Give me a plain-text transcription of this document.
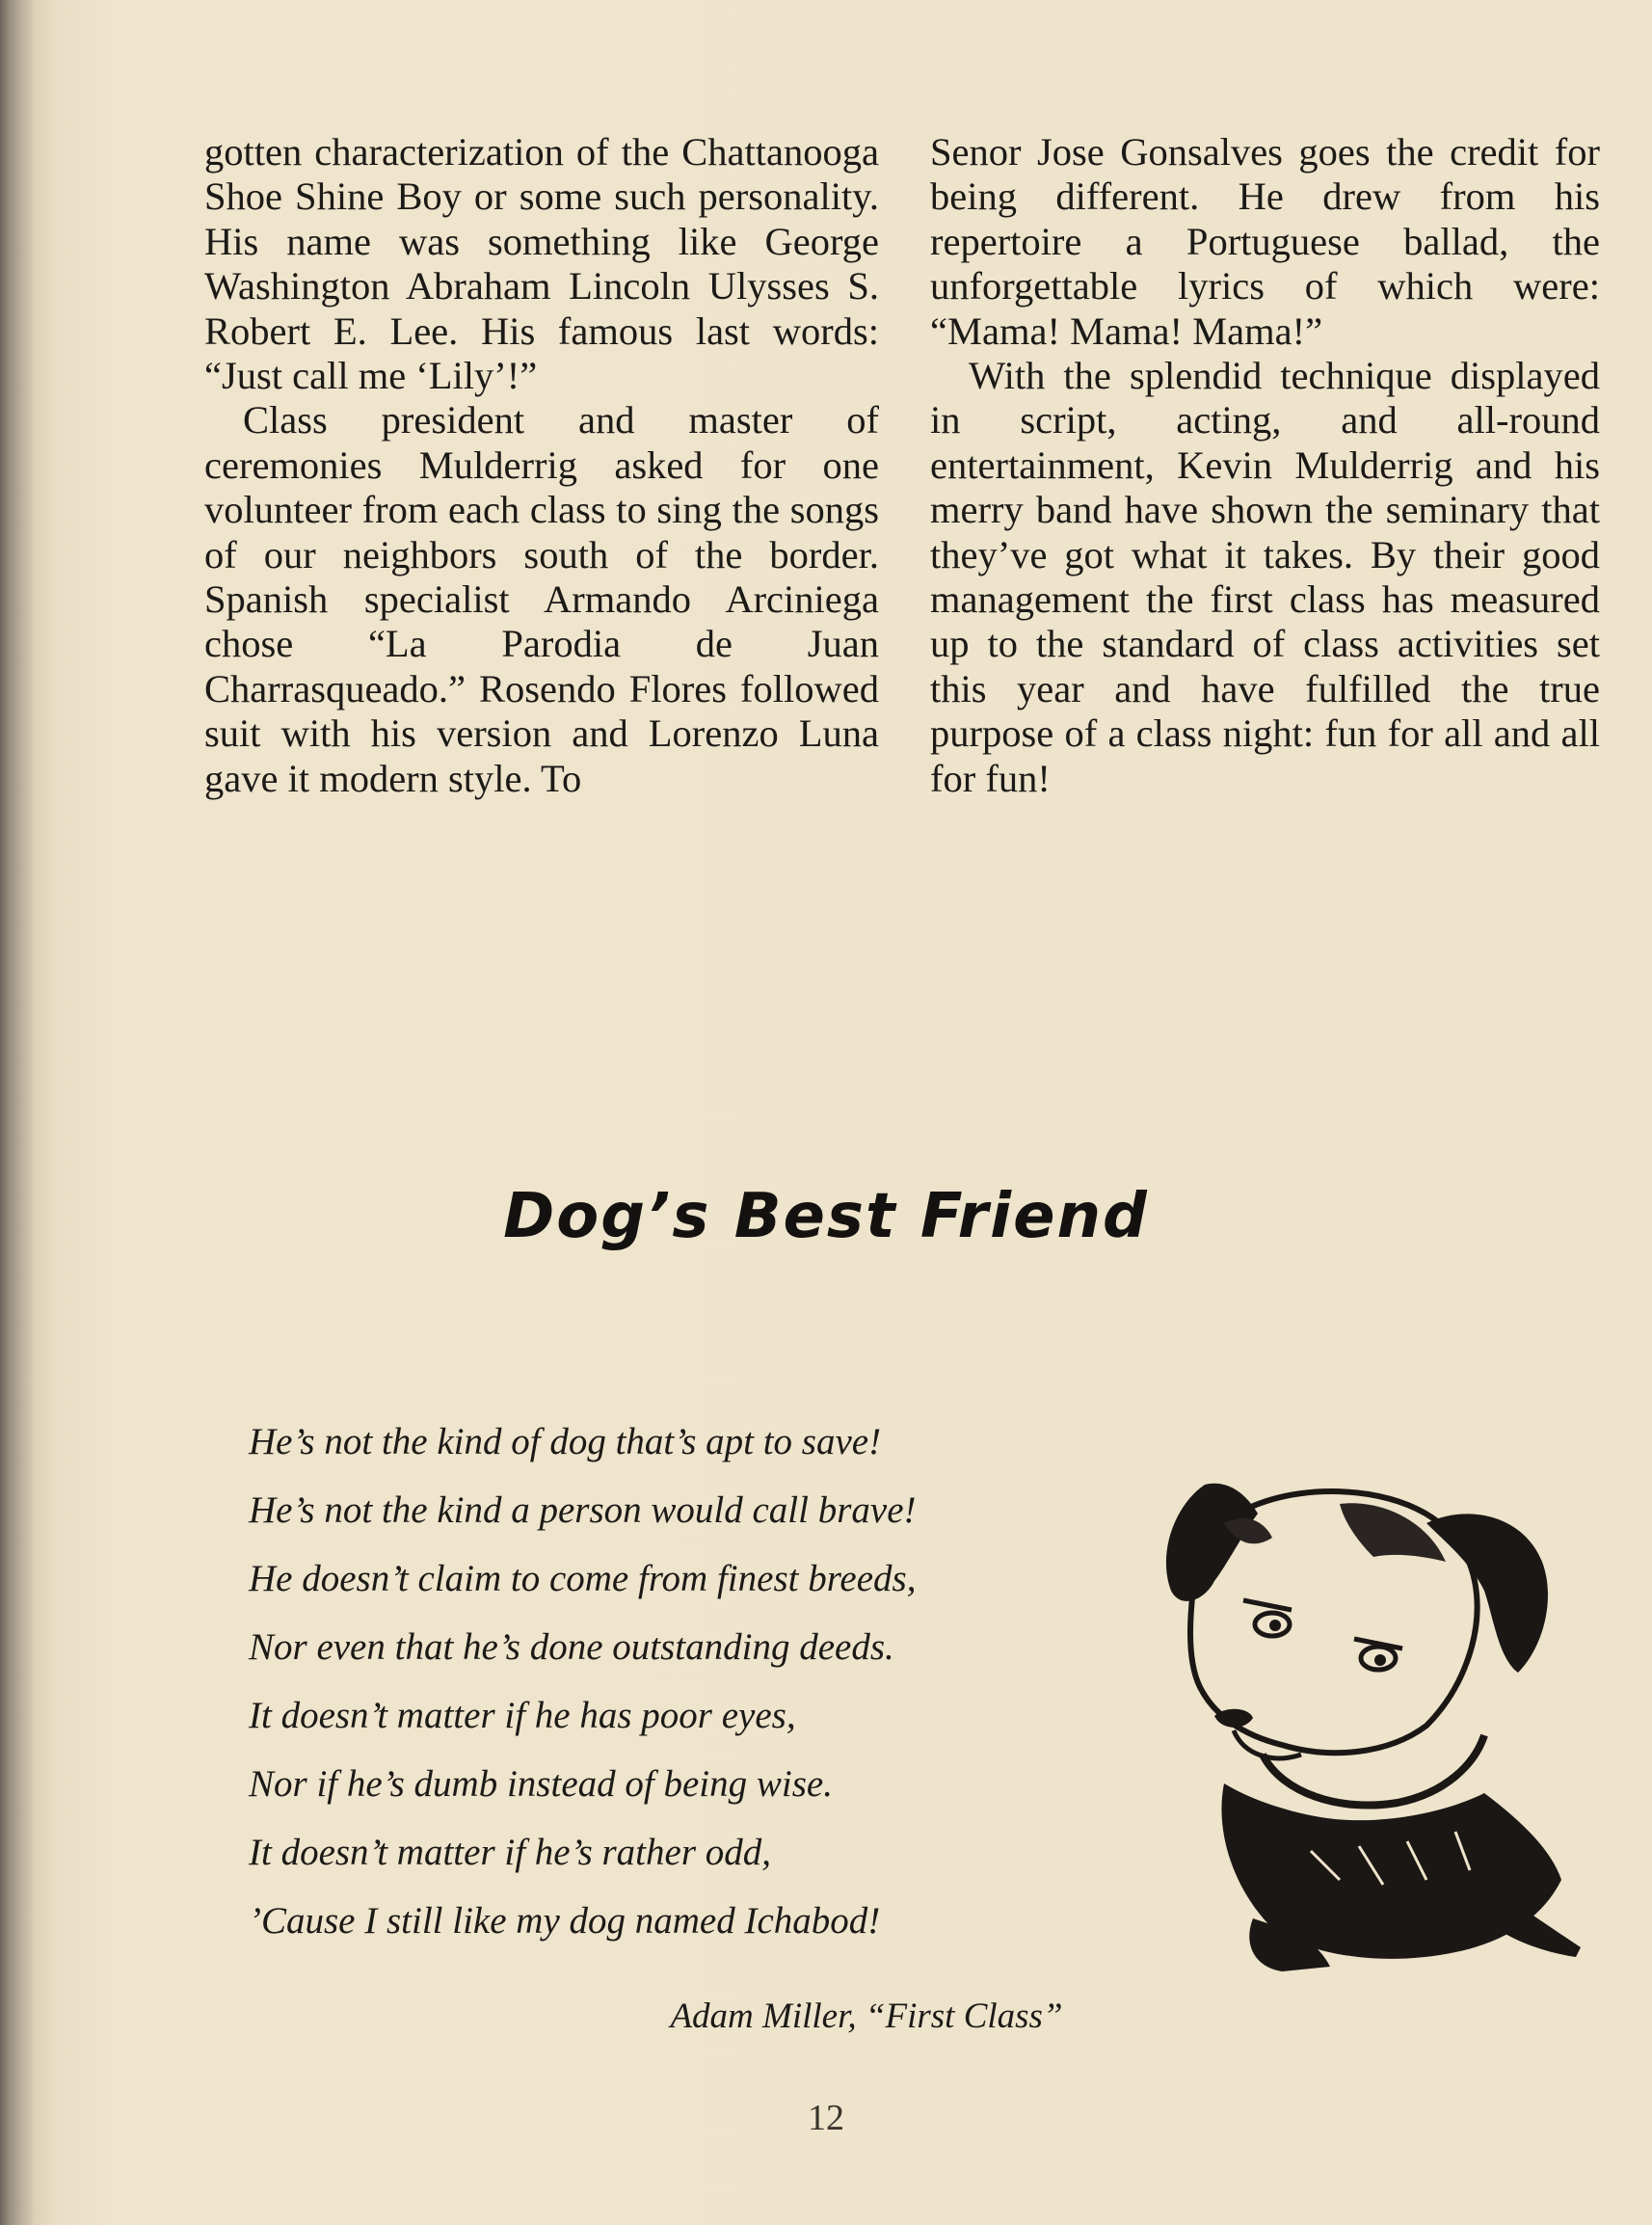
gotten characterization of the Chattanooga Shoe Shine Boy or some such personality. His name was something like George Washington Abraham Lincoln Ulysses S. Robert E. Lee. His famous last words: “Just call me ‘Lily’!”

Class president and master of ceremonies Mulderrig asked for one volunteer from each class to sing the songs of our neighbors south of the border. Spanish specialist Armando Arciniega chose “La Parodia de Juan Charrasqueado.” Rosendo Flores followed suit with his version and Lorenzo Luna gave it modern style. To

Senor Jose Gonsalves goes the credit for being different. He drew from his repertoire a Portuguese ballad, the unforgettable lyrics of which were: “Mama! Mama! Mama!”

With the splendid technique displayed in script, acting, and all-round entertainment, Kevin Mulderrig and his merry band have shown the seminary that they’ve got what it takes. By their good management the first class has measured up to the standard of class activities set this year and have fulfilled the true purpose of a class night: fun for all and all for fun!

Dog’s Best Friend
He’s not the kind of dog that’s apt to save!
He’s not the kind a person would call brave!
He doesn’t claim to come from finest breeds,
Nor even that he’s done outstanding deeds.
It doesn’t matter if he has poor eyes,
Nor if he’s dumb instead of being wise.
It doesn’t matter if he’s rather odd,
’Cause I still like my dog named Ichabod!
Adam Miller, “First Class”
12
